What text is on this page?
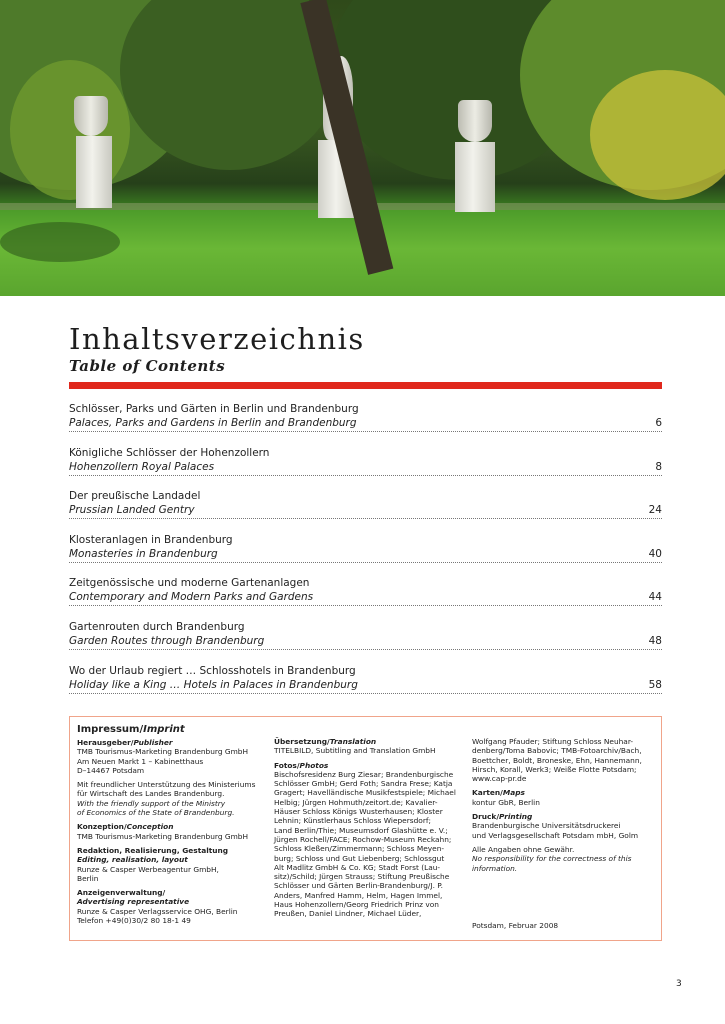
Inhaltsverzeichnis
Table of Contents
Schlösser, Parks und Gärten in Berlin und Brandenburg
Palaces, Parks and Gardens in Berlin and Brandenburg	6
Königliche Schlösser der Hohenzollern
Hohenzollern Royal Palaces	8
Der preußische Landadel
Prussian Landed Gentry	24
Klosteranlagen in Brandenburg
Monasteries in Brandenburg	40
Zeitgenössische und moderne Gartenanlagen
Contemporary and Modern Parks and Gardens	44
Gartenrouten durch Brandenburg
Garden Routes through Brandenburg	48
Wo der Urlaub regiert … Schlosshotels in Brandenburg
Holiday like a King … Hotels in Palaces in Brandenburg	58
Impressum/Imprint
Herausgeber/Publisher
TMB Tourismus-Marketing Brandenburg GmbH
Am Neuen Markt 1 – Kabinetthaus
D–14467 Potsdam
Mit freundlicher Unterstützung des Ministeriums
für Wirtschaft des Landes Brandenburg.
With the friendly support of the Ministry
of Economics of the State of Brandenburg.
Konzeption/Conception
TMB Tourismus-Marketing Brandenburg GmbH
Redaktion, Realisierung, Gestaltung
Editing, realisation, layout
Runze & Casper Werbeagentur GmbH,
Berlin
Anzeigenverwaltung/
Advertising representative
Runze & Casper Verlagsservice OHG, Berlin
Telefon +49(0)30/2 80 18-1 49
Übersetzung/Translation
TITELBILD, Subtitling and Translation GmbH
Fotos/Photos
Bischofsresidenz Burg Ziesar; Brandenburgische
Schlösser GmbH; Gerd Foth; Sandra Frese; Katja
Gragert; Havelländische Musikfestspiele; Michael
Helbig; Jürgen Hohmuth/zeitort.de; Kavalier-
Häuser Schloss Königs Wusterhausen; Kloster
Lehnin; Künstlerhaus Schloss Wiepersdorf;
Land Berlin/Thie; Museumsdorf Glashütte e. V.;
Jürgen Rochell/FACE; Rochow-Museum Reckahn;
Schloss Kleßen/Zimmermann; Schloss Meyen-
burg; Schloss und Gut Liebenberg; Schlossgut
Alt Madlitz GmbH & Co. KG; Stadt Forst (Lau-
sitz)/Schild; Jürgen Strauss; Stiftung Preußische
Schlösser und Gärten Berlin-Brandenburg/J. P.
Anders, Manfred Hamm, Helm, Hagen Immel,
Haus Hohenzollern/Georg Friedrich Prinz von
Preußen, Daniel Lindner, Michael Lüder,
Wolfgang Pfauder; Stiftung Schloss Neuhar-
denberg/Toma Babovic; TMB-Fotoarchiv/Bach,
Boettcher, Boldt, Broneske, Ehn, Hannemann,
Hirsch, Korall, Werk3; Weiße Flotte Potsdam;
www.cap-pr.de
Karten/Maps
kontur GbR, Berlin
Druck/Printing
Brandenburgische Universitätsdruckerei
und Verlagsgesellschaft Potsdam mbH, Golm
Alle Angaben ohne Gewähr.
No responsibility for the correctness of this
information.
Potsdam, Februar 2008
3
